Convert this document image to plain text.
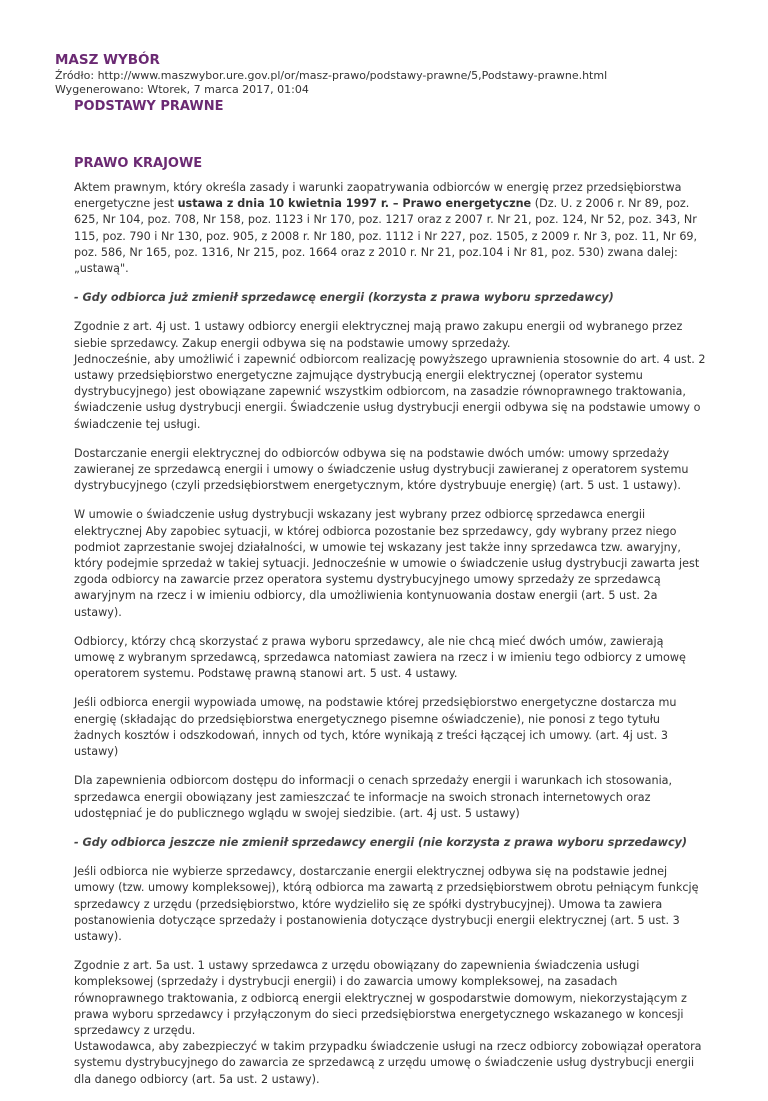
MASZ WYBÓR
Źródło: http://www.maszwybor.ure.gov.pl/or/masz-prawo/podstawy-prawne/5,Podstawy-prawne.html
Wygenerowano: Wtorek, 7 marca 2017, 01:04
PODSTAWY PRAWNE
PRAWO KRAJOWE

Aktem prawnym, który określa zasady i warunki zaopatrywania odbiorców w energię przez przedsiębiorstwa energetyczne jest ustawa z dnia 10 kwietnia 1997 r. – Prawo energetyczne (Dz. U. z 2006 r. Nr 89, poz. 625, Nr 104, poz. 708, Nr 158, poz. 1123 i Nr 170, poz. 1217 oraz z 2007 r. Nr 21, poz. 124, Nr 52, poz. 343, Nr 115, poz. 790 i Nr 130, poz. 905, z 2008 r. Nr 180, poz. 1112 i Nr 227, poz. 1505, z 2009 r. Nr 3, poz. 11, Nr 69, poz. 586, Nr 165, poz. 1316, Nr 215, poz. 1664 oraz z 2010 r. Nr 21, poz.104 i Nr 81, poz. 530) zwana dalej: „ustawą".

- Gdy odbiorca już zmienił sprzedawcę energii (korzysta z prawa wyboru sprzedawcy)

Zgodnie z art. 4j ust. 1 ustawy odbiorcy energii elektrycznej mają prawo zakupu energii od wybranego przez siebie sprzedawcy. Zakup energii odbywa się na podstawie umowy sprzedaży.
Jednocześnie, aby umożliwić i zapewnić odbiorcom realizację powyższego uprawnienia stosownie do art. 4 ust. 2 ustawy przedsiębiorstwo energetyczne zajmujące dystrybucją energii elektrycznej (operator systemu dystrybucyjnego) jest obowiązane zapewnić wszystkim odbiorcom, na zasadzie równoprawnego traktowania, świadczenie usług dystrybucji energii. Świadczenie usług dystrybucji energii odbywa się na podstawie umowy o świadczenie tej usługi.

Dostarczanie energii elektrycznej do odbiorców odbywa się na podstawie dwóch umów: umowy sprzedaży zawieranej ze sprzedawcą energii i umowy o świadczenie usług dystrybucji zawieranej z operatorem systemu dystrybucyjnego (czyli przedsiębiorstwem energetycznym, które dystrybuuje energię) (art. 5 ust. 1 ustawy).

W umowie o świadczenie usług dystrybucji wskazany jest wybrany przez odbiorcę sprzedawca energii elektrycznej Aby zapobiec sytuacji, w której odbiorca pozostanie bez sprzedawcy, gdy wybrany przez niego podmiot zaprzestanie swojej działalności, w umowie tej wskazany jest także inny sprzedawca tzw. awaryjny, który podejmie sprzedaż w takiej sytuacji. Jednocześnie w umowie o świadczenie usług dystrybucji zawarta jest zgoda odbiorcy na zawarcie przez operatora systemu dystrybucyjnego umowy sprzedaży ze sprzedawcą awaryjnym na rzecz i w imieniu odbiorcy, dla umożliwienia kontynuowania dostaw energii (art. 5 ust. 2a ustawy).

Odbiorcy, którzy chcą skorzystać z prawa wyboru sprzedawcy, ale nie chcą mieć dwóch umów, zawierają umowę z wybranym sprzedawcą, sprzedawca natomiast zawiera na rzecz i w imieniu tego odbiorcy z umowę operatorem systemu. Podstawę prawną stanowi art. 5 ust. 4 ustawy.

Jeśli odbiorca energii wypowiada umowę, na podstawie której przedsiębiorstwo energetyczne dostarcza mu energię (składając do przedsiębiorstwa energetycznego pisemne oświadczenie), nie ponosi z tego tytułu żadnych kosztów i odszkodowań, innych od tych, które wynikają z treści łączącej ich umowy. (art. 4j ust. 3 ustawy)

Dla zapewnienia odbiorcom dostępu do informacji o cenach sprzedaży energii i warunkach ich stosowania, sprzedawca energii obowiązany jest zamieszczać te informacje na swoich stronach internetowych oraz udostępniać je do publicznego wglądu w swojej siedzibie. (art. 4j ust. 5 ustawy)

- Gdy odbiorca jeszcze nie zmienił sprzedawcy energii (nie korzysta z prawa wyboru sprzedawcy)

Jeśli odbiorca nie wybierze sprzedawcy, dostarczanie energii elektrycznej odbywa się na podstawie jednej umowy (tzw. umowy kompleksowej), którą odbiorca ma zawartą z przedsiębiorstwem obrotu pełniącym funkcję sprzedawcy z urzędu (przedsiębiorstwo, które wydzieliło się ze spółki dystrybucyjnej). Umowa ta zawiera postanowienia dotyczące sprzedaży i postanowienia dotyczące dystrybucji energii elektrycznej (art. 5 ust. 3 ustawy).

Zgodnie z art. 5a ust. 1 ustawy sprzedawca z urzędu obowiązany do zapewnienia świadczenia usługi kompleksowej (sprzedaży i dystrybucji energii) i do zawarcia umowy kompleksowej, na zasadach równoprawnego traktowania, z odbiorcą energii elektrycznej w gospodarstwie domowym, niekorzystającym z prawa wyboru sprzedawcy i przyłączonym do sieci przedsiębiorstwa energetycznego wskazanego w koncesji sprzedawcy z urzędu.
Ustawodawca, aby zabezpieczyć w takim przypadku świadczenie usługi na rzecz odbiorcy zobowiązał operatora systemu dystrybucyjnego do zawarcia ze sprzedawcą z urzędu umowę o świadczenie usług dystrybucji energii dla danego odbiorcy (art. 5a ust. 2 ustawy).
